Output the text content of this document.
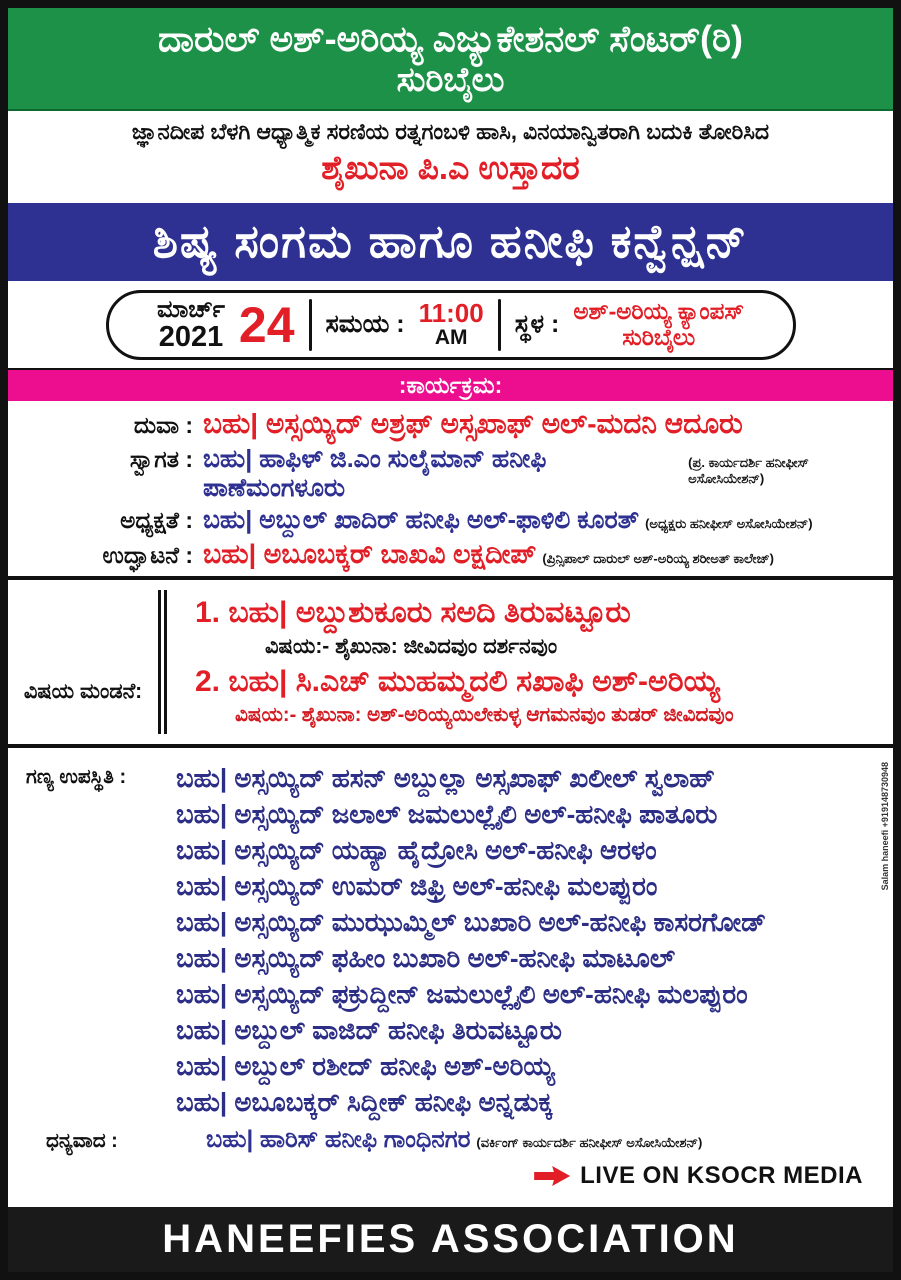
ದಾರುಲ್ ಅಶ್-ಅರಿಯ್ಯ ಎಜ್ಯುಕೇಶನಲ್ ಸೆಂಟರ್(ರಿ)
ಸುರಿಬೈಲು
ಜ್ಞಾನದೀಪ ಬೆಳಗಿ ಆಧ್ಯಾತ್ಮಿಕ ಸರಣಿಯ ರತ್ನಗಂಬಳಿ ಹಾಸಿ, ವಿನಯಾನ್ವಿತರಾಗಿ ಬದುಕಿ ತೋರಿಸಿದ
ಶೈಖುನಾ ಪಿ.ಎ ಉಸ್ತಾದರ
ಶಿಷ್ಯ ಸಂಗಮ ಹಾಗೂ ಹನೀಫಿ ಕನ್ವೆನ್ಷನ್
ಮಾರ್ಚ್
2021 24 ಸಮಯ : 11:00
AM ಸ್ಥಳ : ಅಶ್-ಅರಿಯ್ಯ ಕ್ಯಾಂಪಸ್
ಸುರಿಬೈಲು
:ಕಾರ್ಯಕ್ರಮ:
ದುವಾ : ಬಹು| ಅಸ್ಸಯ್ಯಿದ್ ಅಶ್ರಫ್ ಅಸ್ಸಖಾಫ್ ಅಲ್-ಮದನಿ ಆದೂರು
ಸ್ವಾಗತ : ಬಹು| ಹಾಫಿಳ್ ಜಿ.ಎಂ ಸುಲೈಮಾನ್ ಹನೀಫಿ ಪಾಣೆಮಂಗಳೂರು
(ಪ್ರ. ಕಾರ್ಯದರ್ಶಿ ಹನೀಫೀಸ್ ಅಸೋಸಿಯೇಶನ್)
ಅಧ್ಯಕ್ಷತೆ : ಬಹು| ಅಬ್ದುಲ್ ಖಾದಿರ್ ಹನೀಫಿ ಅಲ್-ಫಾಳಿಲಿ ಕೂರತ್ (ಅಧ್ಯಕ್ಷರು ಹನೀಫೀಸ್ ಅಸೋಸಿಯೇಶನ್)
ಉದ್ಘಾಟನೆ : ಬಹು| ಅಬೂಬಕ್ಕರ್ ಬಾಖವಿ ಲಕ್ಷದೀಪ್ (ಪ್ರಿನ್ಸಿಪಾಲ್ ದಾರುಲ್ ಅಶ್-ಅರಿಯ್ಯ ಶರೀಅತ್ ಕಾಲೇಜ್)
ವಿಷಯ ಮಂಡನೆ:
1. ಬಹು| ಅಬ್ದುಶುಕೂರು ಸಅದಿ ತಿರುವಟ್ಟೂರು
ವಿಷಯ:- ಶೈಖುನಾ: ಜೀವಿದವುಂ ದರ್ಶನವುಂ
2. ಬಹು| ಸಿ.ಎಚ್ ಮುಹಮ್ಮದಲಿ ಸಖಾಫಿ ಅಶ್-ಅರಿಯ್ಯ
ವಿಷಯ:- ಶೈಖುನಾ: ಅಶ್-ಅರಿಯ್ಯಯಿಲೇಕುಳ್ಳ ಆಗಮನವುಂ ತುಡರ್ ಜೀವಿದವುಂ
ಗಣ್ಯ ಉಪಸ್ಥಿತಿ :	ಬಹು| ಅಸ್ಸಯ್ಯಿದ್ ಹಸನ್ ಅಬ್ದುಲ್ಲಾ ಅಸ್ಸಖಾಫ್ ಖಲೀಲ್ ಸ್ವಲಾಹ್
ಬಹು| ಅಸ್ಸಯ್ಯಿದ್ ಜಲಾಲ್ ಜಮಲುಲ್ಲೈಲಿ ಅಲ್-ಹನೀಫಿ ಪಾತೂರು
ಬಹು| ಅಸ್ಸಯ್ಯಿದ್ ಯಹ್ಯಾ ಹೈದ್ರೋಸಿ ಅಲ್-ಹನೀಫಿ ಆರಳಂ
ಬಹು| ಅಸ್ಸಯ್ಯಿದ್ ಉಮರ್ ಜಿಫ್ರಿ ಅಲ್-ಹನೀಫಿ ಮಲಪ್ಪುರಂ
ಬಹು| ಅಸ್ಸಯ್ಯಿದ್ ಮುಝುಮ್ಮಿಲ್ ಬುಖಾರಿ ಅಲ್-ಹನೀಫಿ ಕಾಸರಗೋಡ್
ಬಹು| ಅಸ್ಸಯ್ಯಿದ್ ಫಹೀಂ ಬುಖಾರಿ ಅಲ್-ಹನೀಫಿ ಮಾಟೂಲ್
ಬಹು| ಅಸ್ಸಯ್ಯಿದ್ ಫಕ್ರುದ್ದೀನ್ ಜಮಲುಲ್ಲೈಲಿ ಅಲ್-ಹನೀಫಿ ಮಲಪ್ಪುರಂ
ಬಹು| ಅಬ್ದುಲ್ ವಾಜಿದ್ ಹನೀಫಿ ತಿರುವಟ್ಟೂರು
ಬಹು| ಅಬ್ದುಲ್ ರಶೀದ್ ಹನೀಫಿ ಅಶ್-ಅರಿಯ್ಯ
ಬಹು| ಅಬೂಬಕ್ಕರ್ ಸಿದ್ದೀಕ್ ಹನೀಫಿ ಅನ್ನಡುಕ್ಕ
Salam haneefi +919148730948
ಧನ್ಯವಾದ :	ಬಹು| ಹಾರಿಸ್ ಹನೀಫಿ ಗಾಂಧಿನಗರ (ವರ್ಕಿಂಗ್ ಕಾರ್ಯದರ್ಶಿ ಹನೀಫೀಸ್ ಅಸೋಸಿಯೇಶನ್)
LIVE ON KSOCR MEDIA
HANEEFIES ASSOCIATION
